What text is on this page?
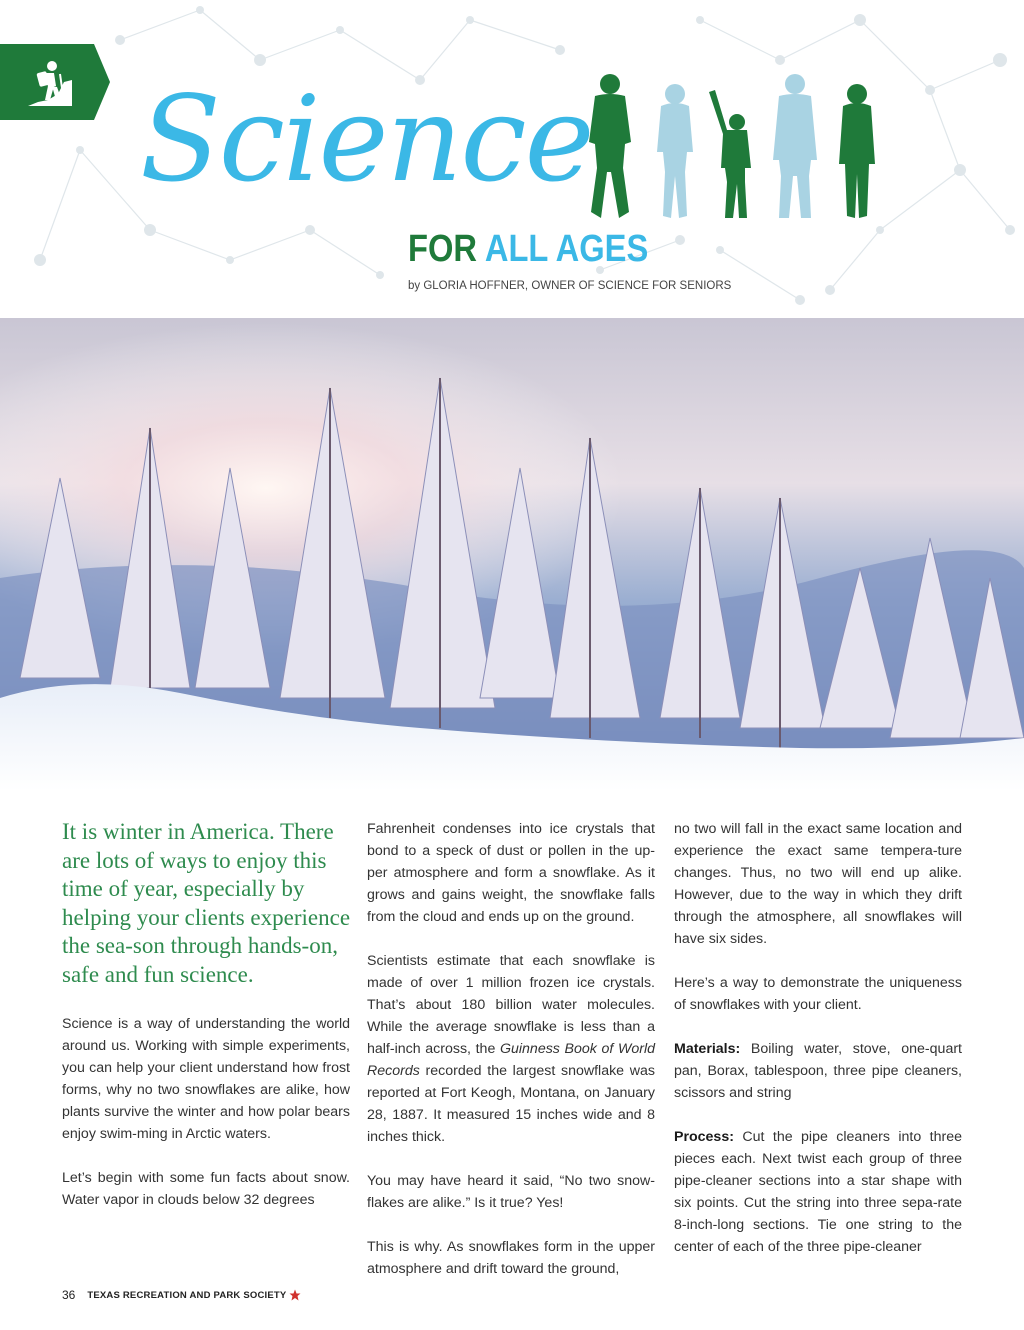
Science
FOR ALL AGES
by GLORIA HOFFNER, OWNER OF SCIENCE FOR SENIORS

It is winter in America. There are lots of ways to enjoy this time of year, especially by helping your clients experience the sea-son through hands-on, safe and fun science.

Science is a way of understanding the world around us. Working with simple experiments, you can help your client understand how frost forms, why no two snowflakes are alike, how plants survive the winter and how polar bears enjoy swim-ming in Arctic waters.

Let’s begin with some fun facts about snow. Water vapor in clouds below 32 degrees

Fahrenheit condenses into ice crystals that bond to a speck of dust or pollen in the up-per atmosphere and form a snowflake. As it grows and gains weight, the snowflake falls from the cloud and ends up on the ground.

Scientists estimate that each snowflake is made of over 1 million frozen ice crystals. That’s about 180 billion water molecules. While the average snowflake is less than a half-inch across, the Guinness Book of World Records recorded the largest snowflake was reported at Fort Keogh, Montana, on January 28, 1887. It measured 15 inches wide and 8 inches thick.

You may have heard it said, “No two snow-flakes are alike.” Is it true? Yes!

This is why. As snowflakes form in the upper atmosphere and drift toward the ground,

no two will fall in the exact same location and experience the exact same tempera-ture changes. Thus, no two will end up alike. However, due to the way in which they drift through the atmosphere, all snowflakes will have six sides.

Here’s a way to demonstrate the uniqueness of snowflakes with your client.

Materials: Boiling water, stove, one-quart pan, Borax, tablespoon, three pipe cleaners, scissors and string

Process: Cut the pipe cleaners into three pieces each. Next twist each group of three pipe-cleaner sections into a star shape with six points. Cut the string into three sepa-rate 8-inch-long sections. Tie one string to the center of each of the three pipe-cleaner

36 TEXAS RECREATION AND PARK SOCIETY
